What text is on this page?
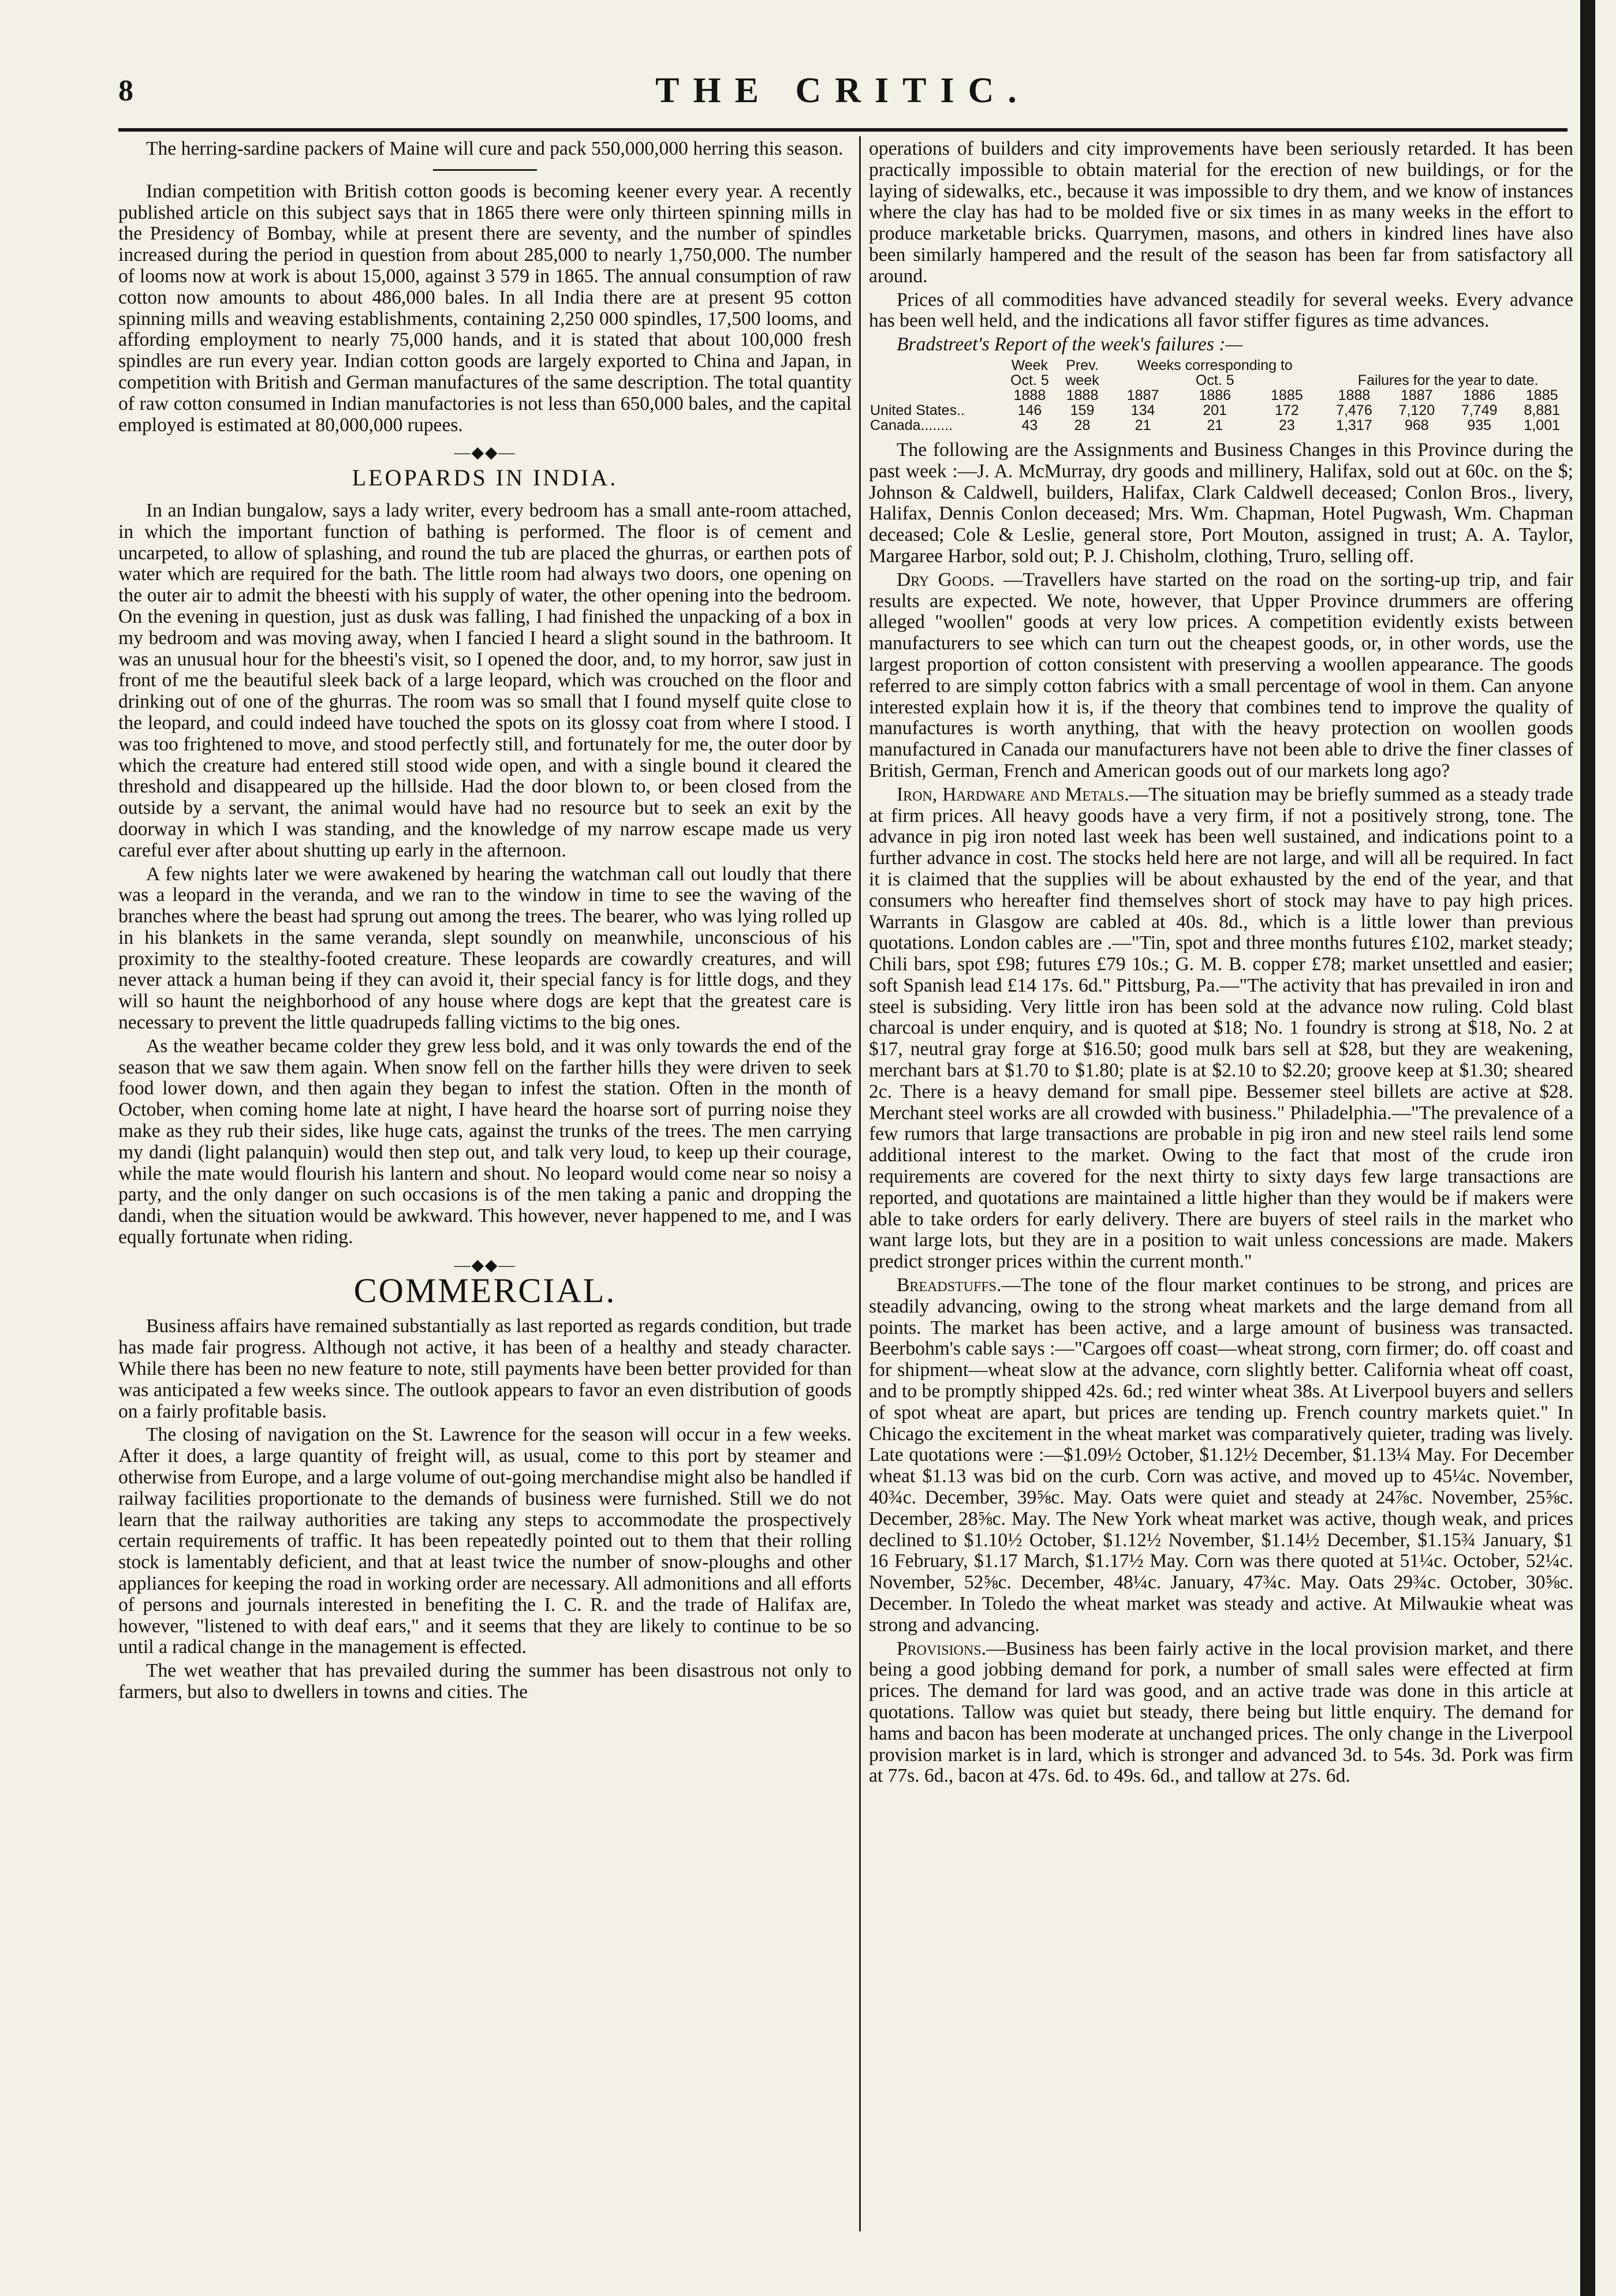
8	THE CRITIC.

The herring-sardine packers of Maine will cure and pack 550,000,000 herring this season.

Indian competition with British cotton goods is becoming keener every year. A recently published article on this subject says that in 1865 there were only thirteen spinning mills in the Presidency of Bombay, while at present there are seventy, and the number of spindles increased during the period in question from about 285,000 to nearly 1,750,000. The number of looms now at work is about 15,000, against 3 579 in 1865. The annual consumption of raw cotton now amounts to about 486,000 bales. In all India there are at present 95 cotton spinning mills and weaving establishments, containing 2,250 000 spindles, 17,500 looms, and affording employment to nearly 75,000 hands, and it is stated that about 100,000 fresh spindles are run every year. Indian cotton goods are largely exported to China and Japan, in competition with British and German manufactures of the same description. The total quantity of raw cotton consumed in Indian manufactories is not less than 650,000 bales, and the capital employed is estimated at 80,000,000 rupees.

—◆◆—
LEOPARDS IN INDIA.

In an Indian bungalow, says a lady writer, every bedroom has a small ante-room attached, in which the important function of bathing is performed. The floor is of cement and uncarpeted, to allow of splashing, and round the tub are placed the ghurras, or earthen pots of water which are required for the bath. The little room had always two doors, one opening on the outer air to admit the bheesti with his supply of water, the other opening into the bedroom. On the evening in question, just as dusk was falling, I had finished the unpacking of a box in my bedroom and was moving away, when I fancied I heard a slight sound in the bathroom. It was an unusual hour for the bheesti's visit, so I opened the door, and, to my horror, saw just in front of me the beautiful sleek back of a large leopard, which was crouched on the floor and drinking out of one of the ghurras. The room was so small that I found myself quite close to the leopard, and could indeed have touched the spots on its glossy coat from where I stood. I was too frightened to move, and stood perfectly still, and fortunately for me, the outer door by which the creature had entered still stood wide open, and with a single bound it cleared the threshold and disappeared up the hillside. Had the door blown to, or been closed from the outside by a servant, the animal would have had no resource but to seek an exit by the doorway in which I was standing, and the knowledge of my narrow escape made us very careful ever after about shutting up early in the afternoon.

A few nights later we were awakened by hearing the watchman call out loudly that there was a leopard in the veranda, and we ran to the window in time to see the waving of the branches where the beast had sprung out among the trees. The bearer, who was lying rolled up in his blankets in the same veranda, slept soundly on meanwhile, unconscious of his proximity to the stealthy-footed creature. These leopards are cowardly creatures, and will never attack a human being if they can avoid it, their special fancy is for little dogs, and they will so haunt the neighborhood of any house where dogs are kept that the greatest care is necessary to prevent the little quadrupeds falling victims to the big ones.

As the weather became colder they grew less bold, and it was only towards the end of the season that we saw them again. When snow fell on the farther hills they were driven to seek food lower down, and then again they began to infest the station. Often in the month of October, when coming home late at night, I have heard the hoarse sort of purring noise they make as they rub their sides, like huge cats, against the trunks of the trees. The men carrying my dandi (light palanquin) would then step out, and talk very loud, to keep up their courage, while the mate would flourish his lantern and shout. No leopard would come near so noisy a party, and the only danger on such occasions is of the men taking a panic and dropping the dandi, when the situation would be awkward. This however, never happened to me, and I was equally fortunate when riding.

—◆◆—
COMMERCIAL.

Business affairs have remained substantially as last reported as regards condition, but trade has made fair progress. Although not active, it has been of a healthy and steady character. While there has been no new feature to note, still payments have been better provided for than was anticipated a few weeks since. The outlook appears to favor an even distribution of goods on a fairly profitable basis.

The closing of navigation on the St. Lawrence for the season will occur in a few weeks. After it does, a large quantity of freight will, as usual, come to this port by steamer and otherwise from Europe, and a large volume of out-going merchandise might also be handled if railway facilities proportionate to the demands of business were furnished. Still we do not learn that the railway authorities are taking any steps to accommodate the prospectively certain requirements of traffic. It has been repeatedly pointed out to them that their rolling stock is lamentably deficient, and that at least twice the number of snow-ploughs and other appliances for keeping the road in working order are necessary. All admonitions and all efforts of persons and journals interested in benefiting the I. C. R. and the trade of Halifax are, however, "listened to with deaf ears," and it seems that they are likely to continue to be so until a radical change in the management is effected.

The wet weather that has prevailed during the summer has been disastrous not only to farmers, but also to dwellers in towns and cities. The

operations of builders and city improvements have been seriously retarded. It has been practically impossible to obtain material for the erection of new buildings, or for the laying of sidewalks, etc., because it was impossible to dry them, and we know of instances where the clay has had to be molded five or six times in as many weeks in the effort to produce marketable bricks. Quarrymen, masons, and others in kindred lines have also been similarly hampered and the result of the season has been far from satisfactory all around.

Prices of all commodities have advanced steadily for several weeks. Every advance has been well held, and the indications all favor stiffer figures as time advances.

Bradstreet's Report of the week's failures :—

	Week	Prev.	Weeks corresponding to						
	Oct. 5	week	Oct. 5			Failures for the year to date.			
	1888	1888	1887	1886	1885	1888	1887	1886	1885
United States..	146	159	134	201	172	7,476	7,120	7,749	8,881
Canada........	43	28	21	21	23	1,317	968	935	1,001

The following are the Assignments and Business Changes in this Province during the past week :—J. A. McMurray, dry goods and millinery, Halifax, sold out at 60c. on the $; Johnson & Caldwell, builders, Halifax, Clark Caldwell deceased; Conlon Bros., livery, Halifax, Dennis Conlon deceased; Mrs. Wm. Chapman, Hotel Pugwash, Wm. Chapman deceased; Cole & Leslie, general store, Port Mouton, assigned in trust; A. A. Taylor, Margaree Harbor, sold out; P. J. Chisholm, clothing, Truro, selling off.

Dry Goods. —Travellers have started on the road on the sorting-up trip, and fair results are expected. We note, however, that Upper Province drummers are offering alleged "woollen" goods at very low prices. A competition evidently exists between manufacturers to see which can turn out the cheapest goods, or, in other words, use the largest proportion of cotton consistent with preserving a woollen appearance. The goods referred to are simply cotton fabrics with a small percentage of wool in them. Can anyone interested explain how it is, if the theory that combines tend to improve the quality of manufactures is worth anything, that with the heavy protection on woollen goods manufactured in Canada our manufacturers have not been able to drive the finer classes of British, German, French and American goods out of our markets long ago?

Iron, Hardware and Metals.—The situation may be briefly summed as a steady trade at firm prices. All heavy goods have a very firm, if not a positively strong, tone. The advance in pig iron noted last week has been well sustained, and indications point to a further advance in cost. The stocks held here are not large, and will all be required. In fact it is claimed that the supplies will be about exhausted by the end of the year, and that consumers who hereafter find themselves short of stock may have to pay high prices. Warrants in Glasgow are cabled at 40s. 8d., which is a little lower than previous quotations. London cables are .—"Tin, spot and three months futures £102, market steady; Chili bars, spot £98; futures £79 10s.; G. M. B. copper £78; market unsettled and easier; soft Spanish lead £14 17s. 6d." Pittsburg, Pa.—"The activity that has prevailed in iron and steel is subsiding. Very little iron has been sold at the advance now ruling. Cold blast charcoal is under enquiry, and is quoted at $18; No. 1 foundry is strong at $18, No. 2 at $17, neutral gray forge at $16.50; good mulk bars sell at $28, but they are weakening, merchant bars at $1.70 to $1.80; plate is at $2.10 to $2.20; groove keep at $1.30; sheared 2c. There is a heavy demand for small pipe. Bessemer steel billets are active at $28. Merchant steel works are all crowded with business." Philadelphia.—"The prevalence of a few rumors that large transactions are probable in pig iron and new steel rails lend some additional interest to the market. Owing to the fact that most of the crude iron requirements are covered for the next thirty to sixty days few large transactions are reported, and quotations are maintained a little higher than they would be if makers were able to take orders for early delivery. There are buyers of steel rails in the market who want large lots, but they are in a position to wait unless concessions are made. Makers predict stronger prices within the current month."

Breadstuffs.—The tone of the flour market continues to be strong, and prices are steadily advancing, owing to the strong wheat markets and the large demand from all points. The market has been active, and a large amount of business was transacted. Beerbohm's cable says :—"Cargoes off coast—wheat strong, corn firmer; do. off coast and for shipment—wheat slow at the advance, corn slightly better. California wheat off coast, and to be promptly shipped 42s. 6d.; red winter wheat 38s. At Liverpool buyers and sellers of spot wheat are apart, but prices are tending up. French country markets quiet." In Chicago the excitement in the wheat market was comparatively quieter, trading was lively. Late quotations were :—$1.09½ October, $1.12½ December, $1.13¼ May. For December wheat $1.13 was bid on the curb. Corn was active, and moved up to 45¼c. November, 40¾c. December, 39⅝c. May. Oats were quiet and steady at 24⅞c. November, 25⅝c. December, 28⅝c. May. The New York wheat market was active, though weak, and prices declined to $1.10½ October, $1.12½ November, $1.14½ December, $1.15¾ January, $1 16 February, $1.17 March, $1.17½ May. Corn was there quoted at 51¼c. October, 52¼c. November, 52⅝c. December, 48¼c. January, 47¾c. May. Oats 29¾c. October, 30⅝c. December. In Toledo the wheat market was steady and active. At Milwaukie wheat was strong and advancing.

Provisions.—Business has been fairly active in the local provision market, and there being a good jobbing demand for pork, a number of small sales were effected at firm prices. The demand for lard was good, and an active trade was done in this article at quotations. Tallow was quiet but steady, there being but little enquiry. The demand for hams and bacon has been moderate at unchanged prices. The only change in the Liverpool provision market is in lard, which is stronger and advanced 3d. to 54s. 3d. Pork was firm at 77s. 6d., bacon at 47s. 6d. to 49s. 6d., and tallow at 27s. 6d.
